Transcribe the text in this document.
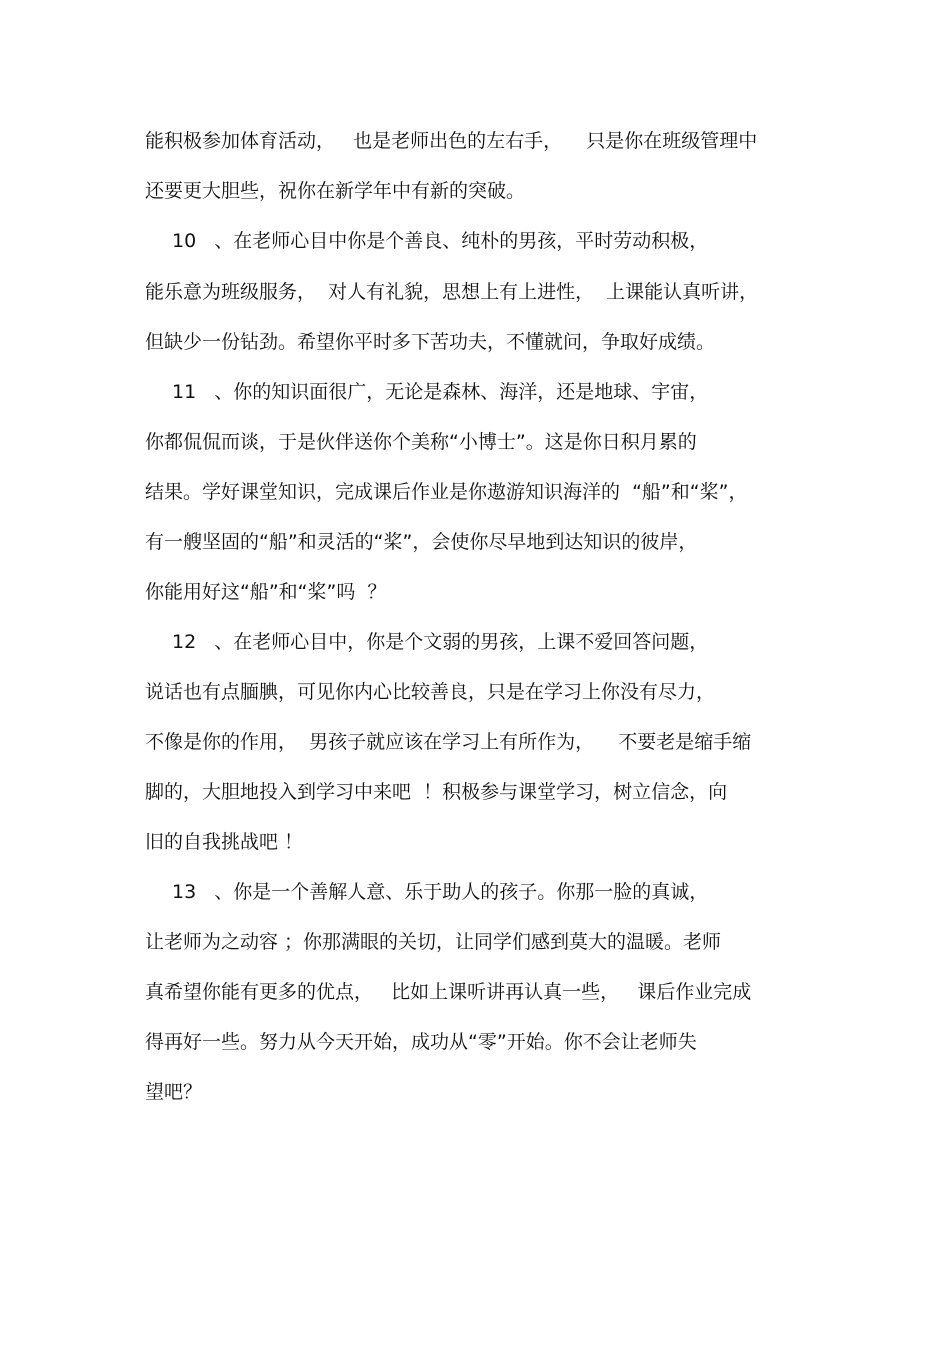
能积极参加体育活动，   也是老师出色的左右手，    只是你在班级管理中
还要更大胆些，祝你在新学年中有新的突破。
10   、在老师心目中你是个善良、纯朴的男孩，平时劳动积极，
能乐意为班级服务，  对人有礼貌，思想上有上进性，  上课能认真听讲，
但缺少一份钻劲。希望你平时多下苦功夫，不懂就问，争取好成绩。
11   、你的知识面很广，无论是森林、海洋，还是地球、宇宙，
你都侃侃而谈，于是伙伴送你个美称“小博士”。这是你日积月累的
结果。学好课堂知识，完成课后作业是你遨游知识海洋的  “船”和“桨”，
有一艘坚固的“船”和灵活的“桨”，会使你尽早地到达知识的彼岸，
你能用好这“船”和“桨”吗  ？
12   、在老师心目中，你是个文弱的男孩，上课不爱回答问题，
说话也有点腼腆，可见你内心比较善良，只是在学习上你没有尽力，
不像是你的作用，  男孩子就应该在学习上有所作为，    不要老是缩手缩
脚的，大胆地投入到学习中来吧  ！积极参与课堂学习，树立信念，向
旧的自我挑战吧 ！
13   、你是一个善解人意、乐于助人的孩子。你那一脸的真诚，
让老师为之动容 ；你那满眼的关切，让同学们感到莫大的温暖。老师
真希望你能有更多的优点，   比如上课听讲再认真一些，   课后作业完成
得再好一些。努力从今天开始，成功从“零”开始。你不会让老师失
望吧？
